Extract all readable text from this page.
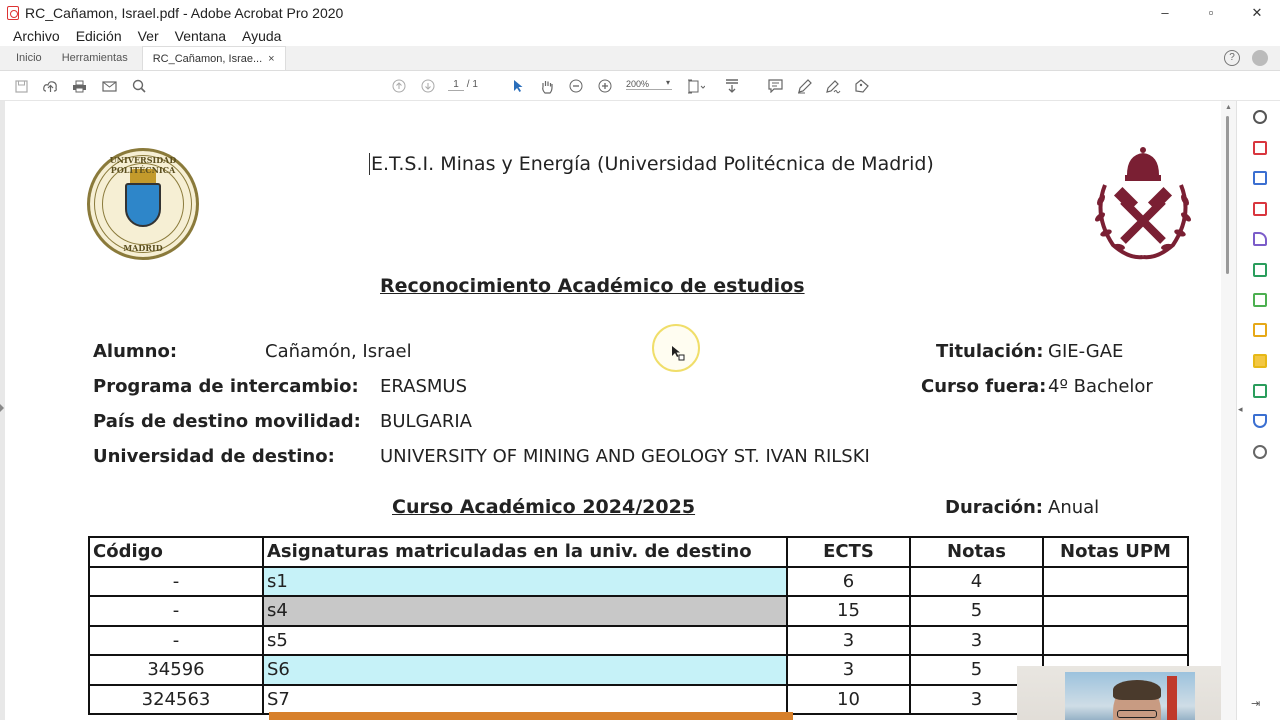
RC_Cañamon, Israel.pdf - Adobe Acrobat Pro 2020	‒	▫	✕
Archivo Edición Ver Ventana Ayuda
Inicio	Herramientas	RC_Cañamon, Israe... ×	?
1 / 1	200% ▾
UNIVERSIDAD POLITÉCNICA
MADRID
E.T.S.I. Minas y Energía (Universidad Politécnica de Madrid)
Reconocimiento Académico de estudios
Alumno:	Cañamón, Israel	Titulación: GIE-GAE
Programa de intercambio: ERASMUS	Curso fuera: 4º Bachelor
País de destino movilidad: BULGARIA
Universidad de destino:	UNIVERSITY OF MINING AND GEOLOGY ST. IVAN RILSKI
Curso Académico 2024/2025	Duración: Anual
Código	Asignaturas matriculadas en la univ. de destino	ECTS	Notas	Notas UPM
-	s1	6	4	
-	s4	15	5	
-	s5	3	3	
34596	S6	3	5	
324563	S7	10	3	
▲
◂
⇥
